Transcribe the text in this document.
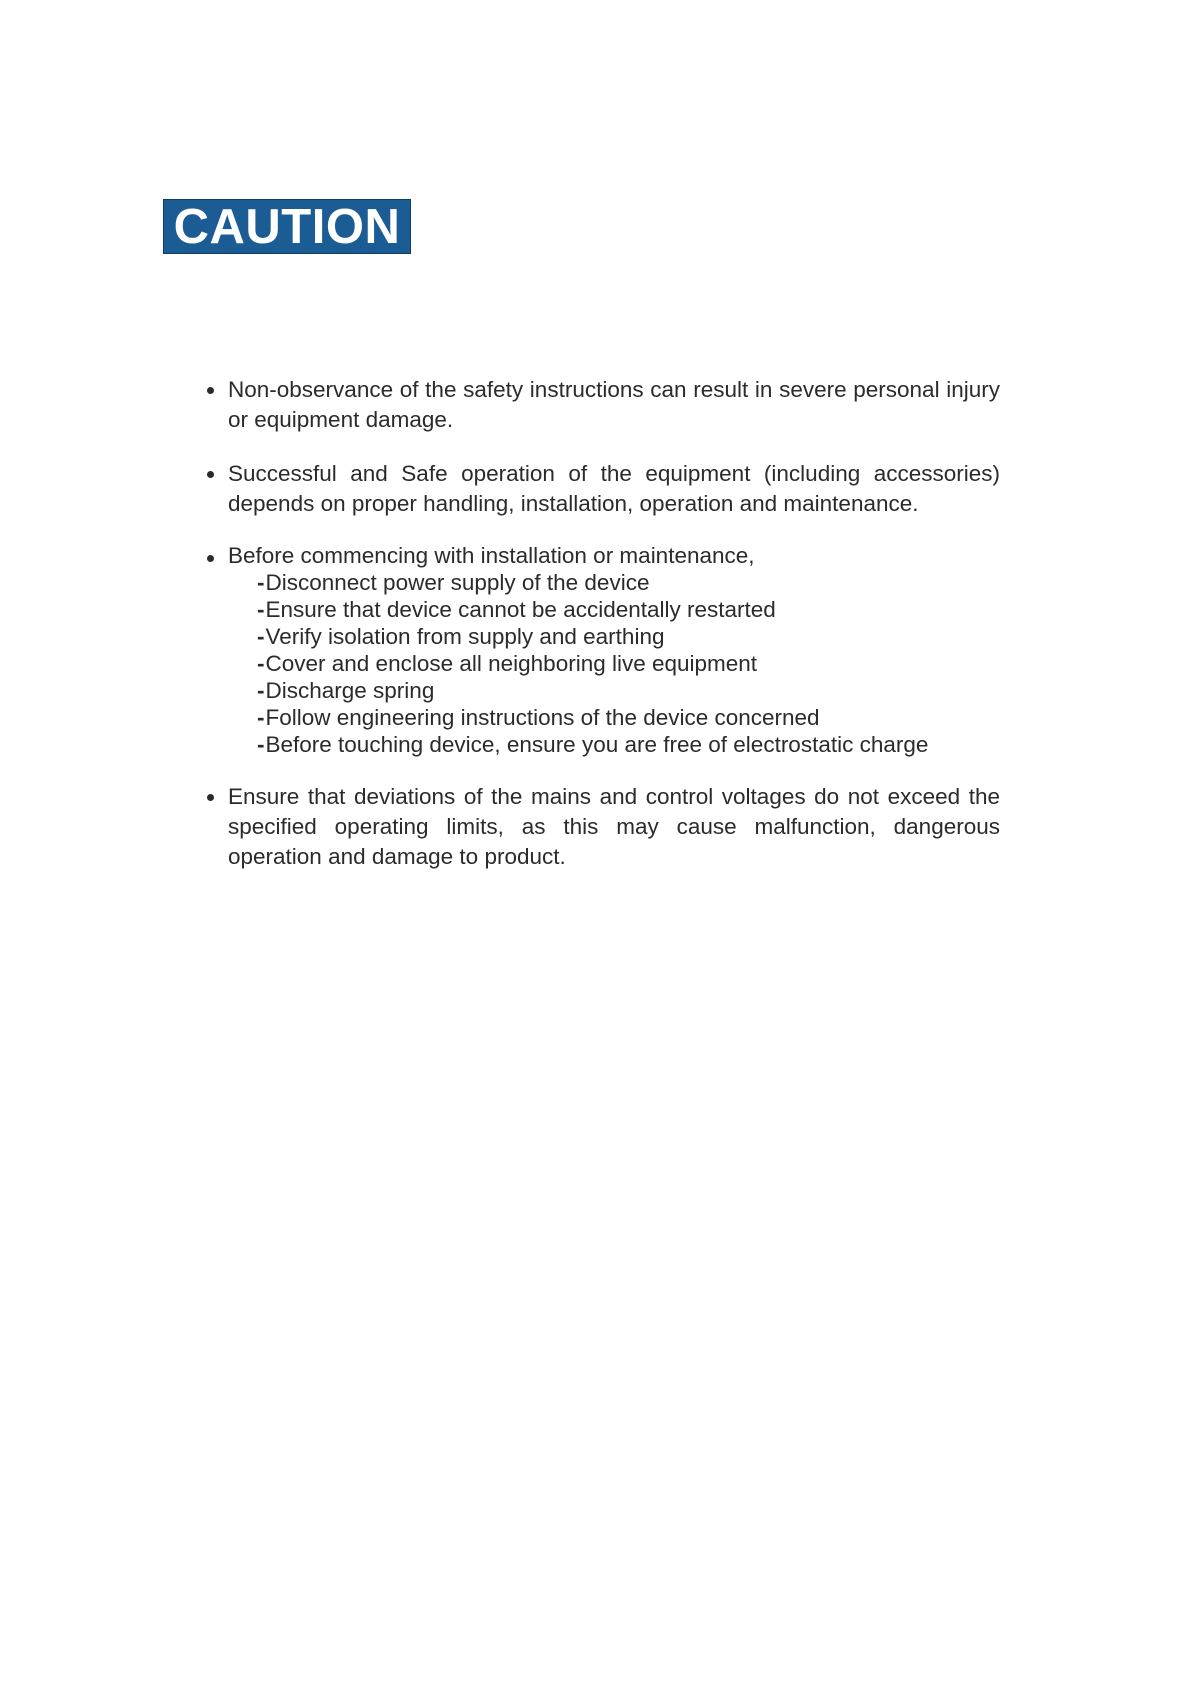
CAUTION
Non-observance of the safety instructions can result in severe personal injury or equipment damage.
Successful and Safe operation of the equipment (including accessories) depends on proper handling, installation, operation and maintenance.
Before commencing with installation or maintenance,
-Disconnect power supply of the device
-Ensure that device cannot be accidentally restarted
-Verify isolation from supply and earthing
-Cover and enclose all neighboring live equipment
-Discharge spring
-Follow engineering instructions of the device concerned
-Before touching device, ensure you are free of electrostatic charge
Ensure that deviations of the mains and control voltages do not exceed the specified operating limits, as this may cause malfunction, dangerous operation and damage to product.
